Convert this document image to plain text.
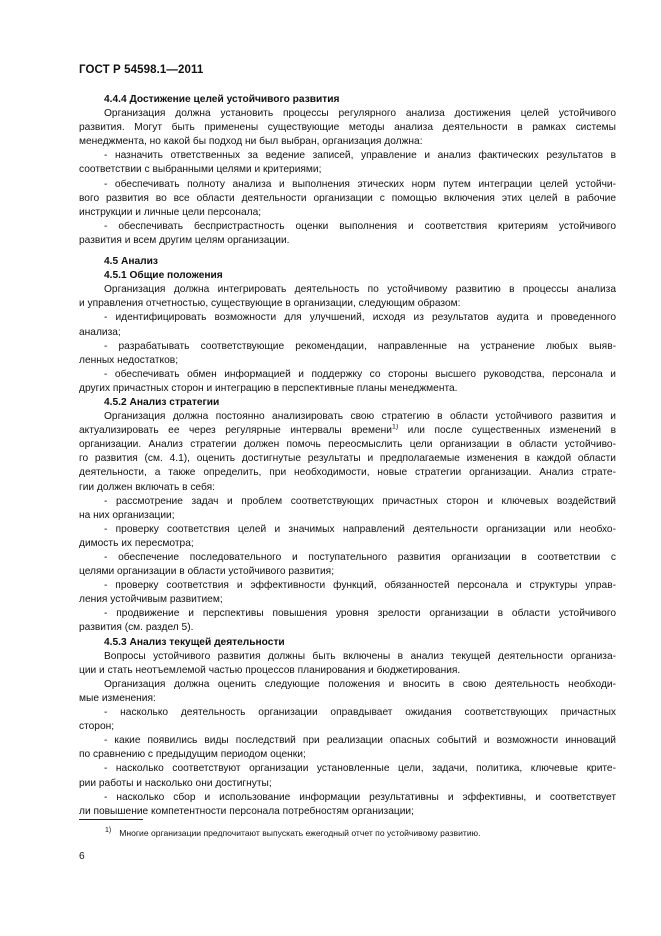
ГОСТ Р 54598.1—2011
4.4.4 Достижение целей устойчивого развития
Организация должна установить процессы регулярного анализа достижения целей устойчивого
развития. Могут быть применены существующие методы анализа деятельности в рамках системы
менеджмента, но какой бы подход ни был выбран, организация должна:
- назначить ответственных за ведение записей, управление и анализ фактических результатов в
соответствии с выбранными целями и критериями;
- обеспечивать полноту анализа и выполнения этических норм путем интеграции целей устойчи-
вого развития во все области деятельности организации с помощью включения этих целей в рабочие
инструкции и личные цели персонала;
- обеспечивать беспристрастность оценки выполнения и соответствия критериям устойчивого
развития и всем другим целям организации.
4.5 Анализ
4.5.1 Общие положения
Организация должна интегрировать деятельность по устойчивому развитию в процессы анализа
и управления отчетностью, существующие в организации, следующим образом:
- идентифицировать возможности для улучшений, исходя из результатов аудита и проведенного
анализа;
- разрабатывать соответствующие рекомендации, направленные на устранение любых выяв-
ленных недостатков;
- обеспечивать обмен информацией и поддержку со стороны высшего руководства, персонала и
других причастных сторон и интеграцию в перспективные планы менеджмента.
4.5.2 Анализ стратегии
Организация должна постоянно анализировать свою стратегию в области устойчивого развития и
актуализировать ее через регулярные интервалы времени$^{1)}$ или после существенных изменений в
организации. Анализ стратегии должен помочь переосмыслить цели организации в области устойчиво-
го развития (см. 4.1), оценить достигнутые результаты и предполагаемые изменения в каждой области
деятельности, а также определить, при необходимости, новые стратегии организации. Анализ страте-
гии должен включать в себя:
- рассмотрение задач и проблем соответствующих причастных сторон и ключевых воздействий
на них организации;
- проверку соответствия целей и значимых направлений деятельности организации или необхо-
димость их пересмотра;
- обеспечение последовательного и поступательного развития организации в соответствии с
целями организации в области устойчивого развития;
- проверку соответствия и эффективности функций, обязанностей персонала и структуры управ-
ления устойчивым развитием;
- продвижение и перспективы повышения уровня зрелости организации в области устойчивого
развития (см. раздел 5).
4.5.3 Анализ текущей деятельности
Вопросы устойчивого развития должны быть включены в анализ текущей деятельности организа-
ции и стать неотъемлемой частью процессов планирования и бюджетирования.
Организация должна оценить следующие положения и вносить в свою деятельность необходи-
мые изменения:
- насколько деятельность организации оправдывает ожидания соответствующих причастных
сторон;
- какие появились виды последствий при реализации опасных событий и возможности инноваций
по сравнению с предыдущим периодом оценки;
- насколько соответствуют организации установленные цели, задачи, политика, ключевые крите-
рии работы и насколько они достигнуты;
- насколько сбор и использование информации результативны и эффективны, и соответствует
ли повышение компетентности персонала потребностям организации;
$^{1)}$ Многие организации предпочитают выпускать ежегодный отчет по устойчивому развитию.
6
